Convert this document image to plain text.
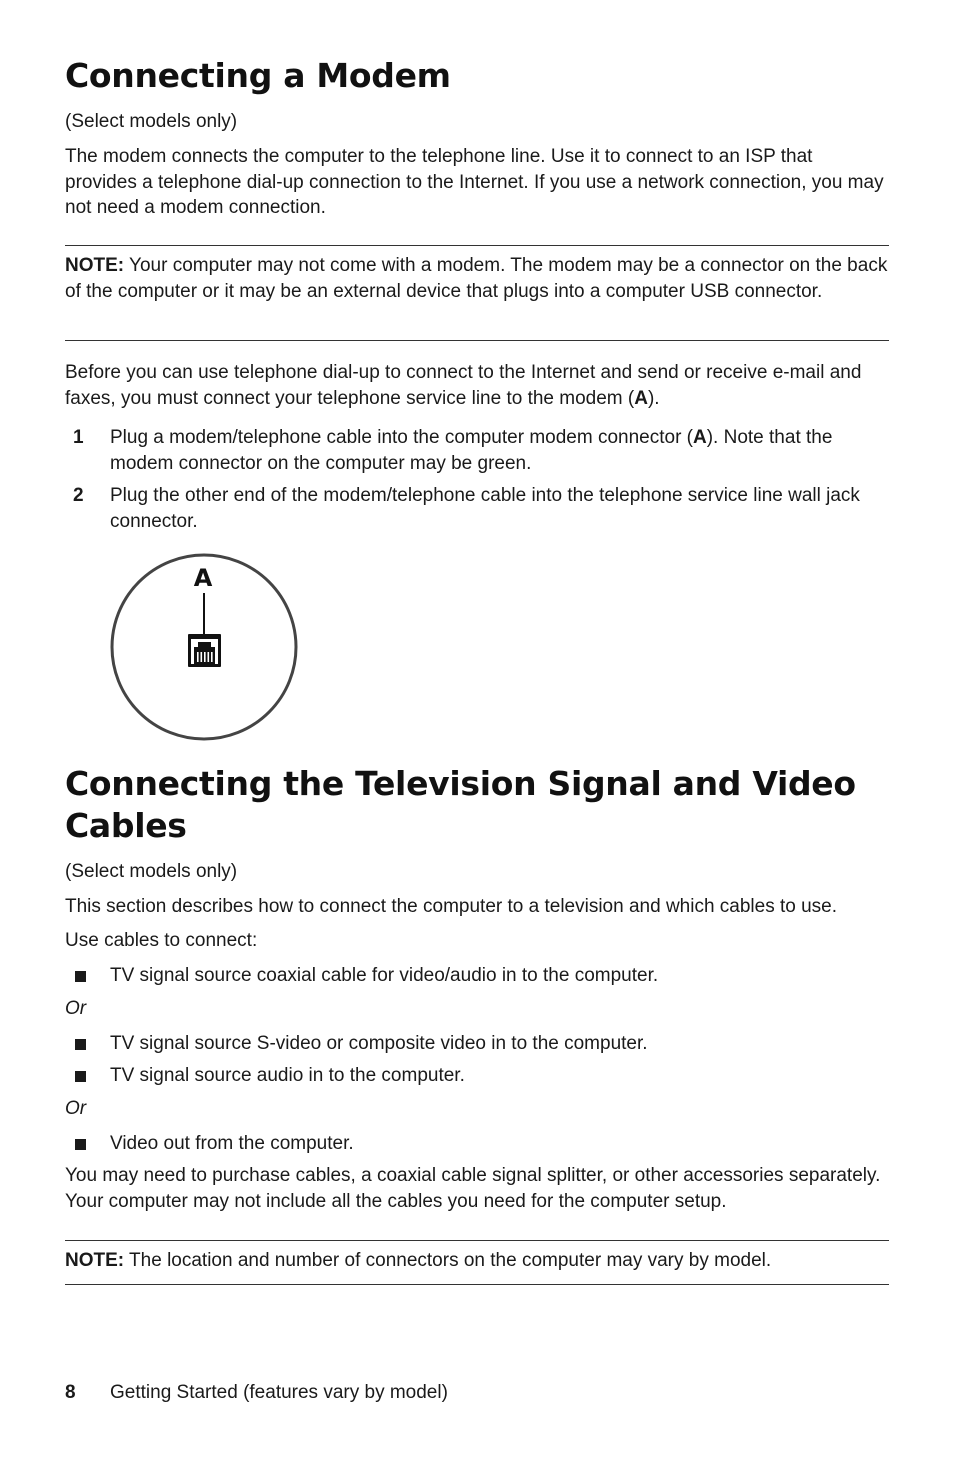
Connecting a Modem

(Select models only)

The modem connects the computer to the telephone line. Use it to connect to an ISP that provides a telephone dial-up connection to the Internet. If you use a network connection, you may not need a modem connection.

NOTE: Your computer may not come with a modem. The modem may be a connector on the back of the computer or it may be an external device that plugs into a computer USB connector.

Before you can use telephone dial-up to connect to the Internet and send or receive e-mail and faxes, you must connect your telephone service line to the modem (A).

1 Plug a modem/telephone cable into the computer modem connector (A). Note that the modem connector on the computer may be green.
2 Plug the other end of the modem/telephone cable into the telephone service line wall jack connector.
A
Connecting the Television Signal and Video Cables

(Select models only)

This section describes how to connect the computer to a television and which cables to use.

Use cables to connect:

TV signal source coaxial cable for video/audio in to the computer.

Or

TV signal source S-video or composite video in to the computer.
TV signal source audio in to the computer.

Or

Video out from the computer.

You may need to purchase cables, a coaxial cable signal splitter, or other accessories separately. Your computer may not include all the cables you need for the computer setup.

NOTE: The location and number of connectors on the computer may vary by model.

8 Getting Started (features vary by model)
